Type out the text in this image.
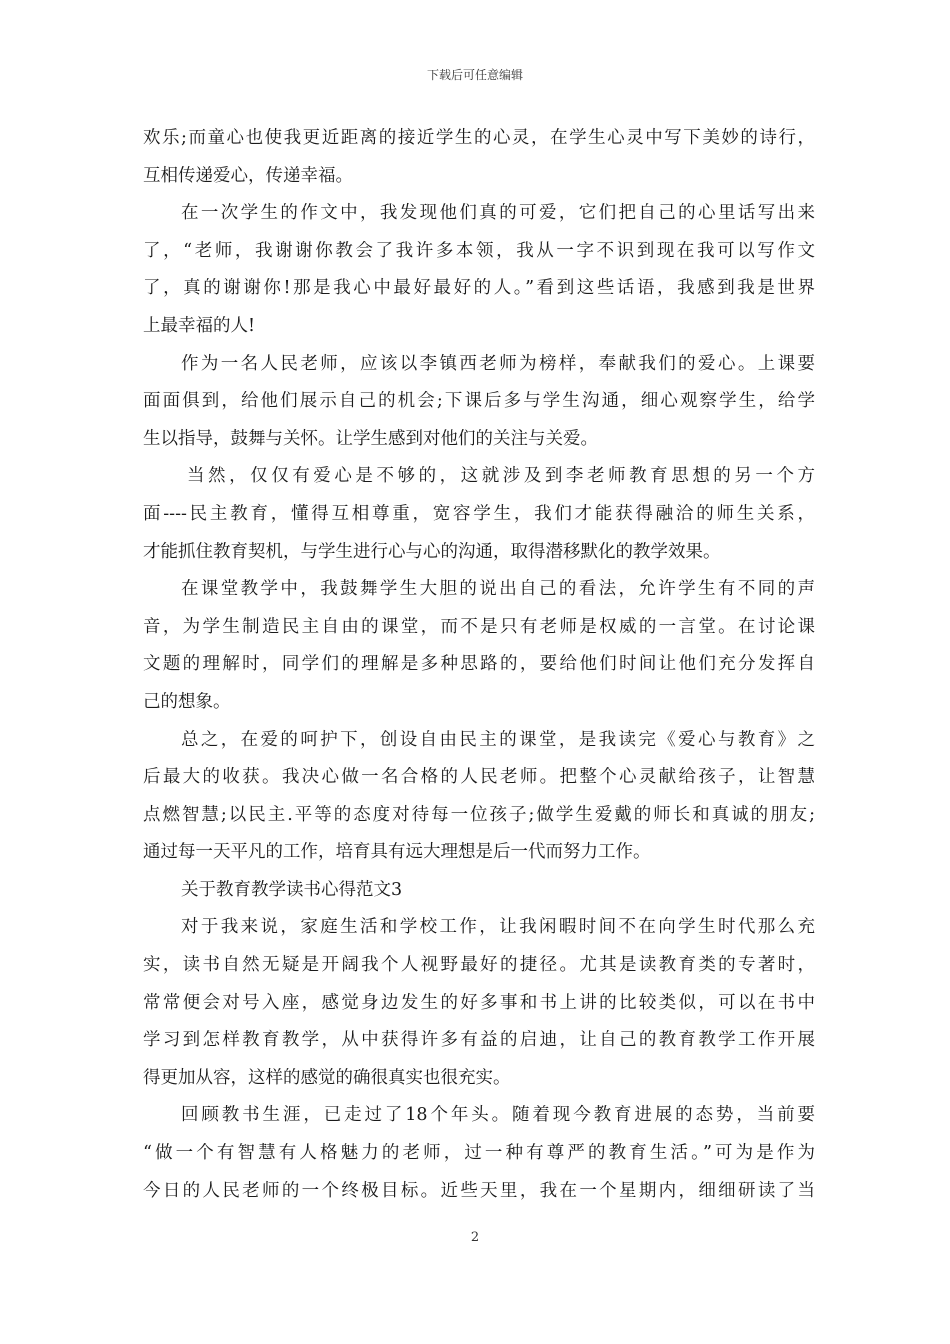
下载后可任意编辑
欢乐;而童心也使我更近距离的接近学生的心灵，在学生心灵中写下美妙的诗行，
互相传递爱心，传递幸福。
在一次学生的作文中，我发现他们真的可爱，它们把自己的心里话写出来
了，“老师，我谢谢你教会了我许多本领，我从一字不识到现在我可以写作文
了，真的谢谢你!那是我心中最好最好的人。”看到这些话语，我感到我是世界
上最幸福的人!
作为一名人民老师，应该以李镇西老师为榜样，奉献我们的爱心。上课要
面面俱到，给他们展示自己的机会;下课后多与学生沟通，细心观察学生，给学
生以指导，鼓舞与关怀。让学生感到对他们的关注与关爱。
当然，仅仅有爱心是不够的，这就涉及到李老师教育思想的另一个方
面----民主教育，懂得互相尊重，宽容学生，我们才能获得融洽的师生关系，
才能抓住教育契机，与学生进行心与心的沟通，取得潜移默化的教学效果。
在课堂教学中，我鼓舞学生大胆的说出自己的看法，允许学生有不同的声
音，为学生制造民主自由的课堂，而不是只有老师是权威的一言堂。在讨论课
文题的理解时，同学们的理解是多种思路的，要给他们时间让他们充分发挥自
己的想象。
总之，在爱的呵护下，创设自由民主的课堂，是我读完《爱心与教育》之
后最大的收获。我决心做一名合格的人民老师。把整个心灵献给孩子，让智慧
点燃智慧;以民主.平等的态度对待每一位孩子;做学生爱戴的师长和真诚的朋友;
通过每一天平凡的工作，培育具有远大理想是后一代而努力工作。
关于教育教学读书心得范文3
对于我来说，家庭生活和学校工作，让我闲暇时间不在向学生时代那么充
实，读书自然无疑是开阔我个人视野最好的捷径。尤其是读教育类的专著时，
常常便会对号入座，感觉身边发生的好多事和书上讲的比较类似，可以在书中
学习到怎样教育教学，从中获得许多有益的启迪，让自己的教育教学工作开展
得更加从容，这样的感觉的确很真实也很充实。
回顾教书生涯，已走过了18个年头。随着现今教育进展的态势，当前要
“做一个有智慧有人格魅力的老师，过一种有尊严的教育生活。”可为是作为
今日的人民老师的一个终极目标。近些天里，我在一个星期内，细细研读了当
2
